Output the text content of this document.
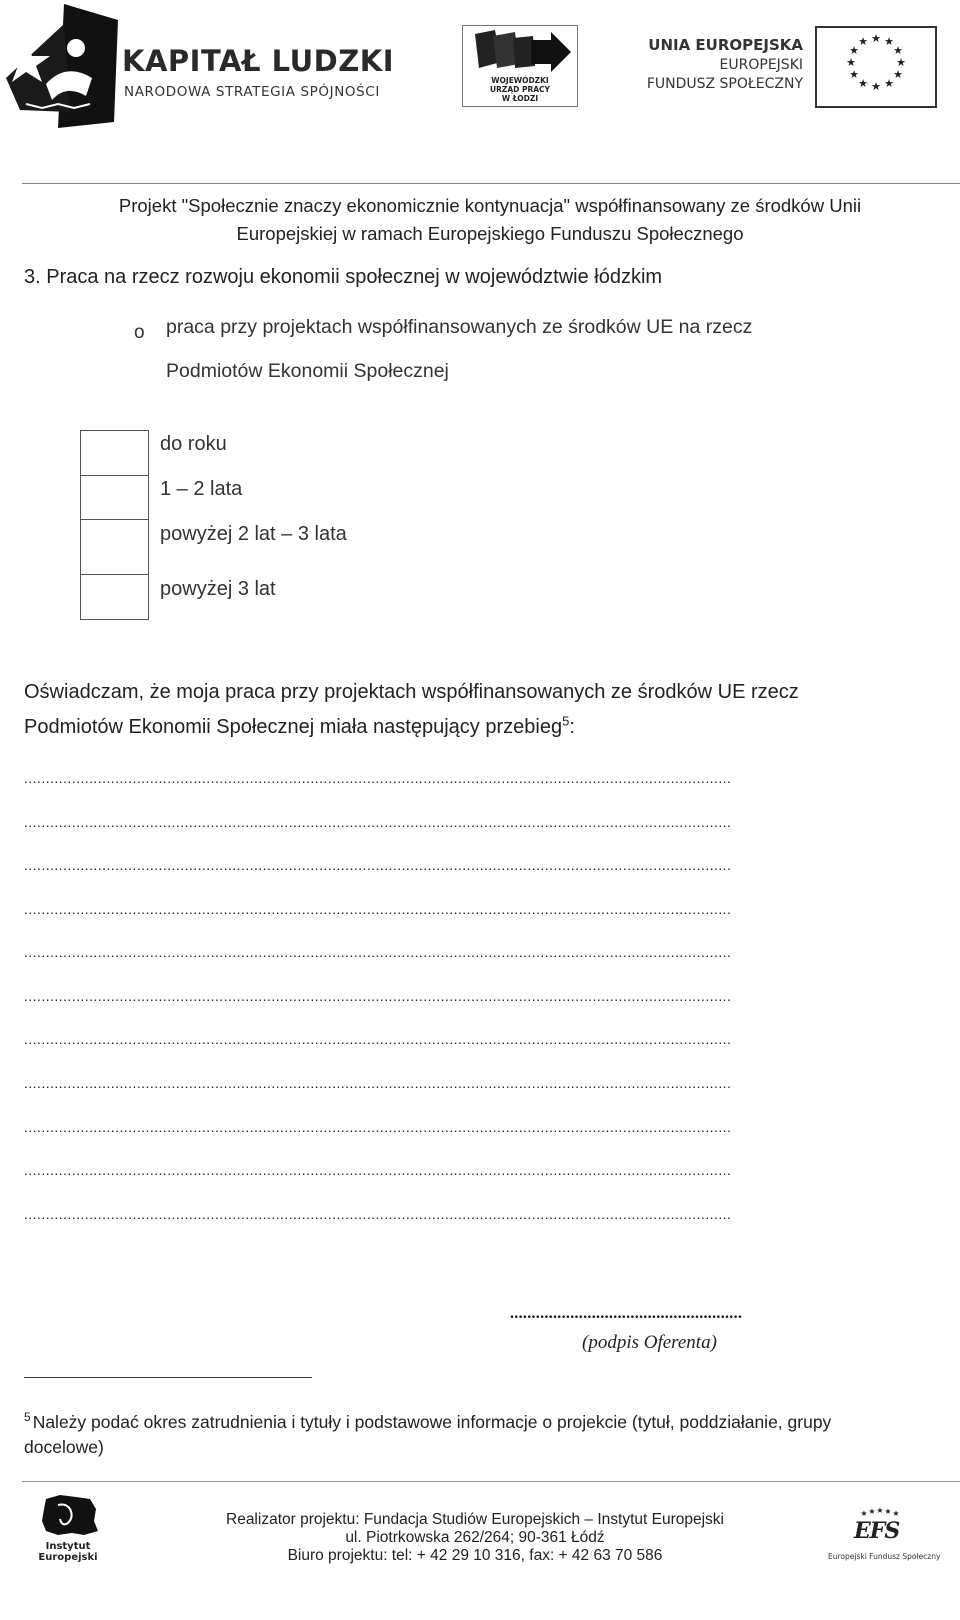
KAPITAŁ LUDZKI
NARODOWA STRATEGIA SPÓJNOŚCI
WOJEWÓDZKI
URZĄD PRACY
W ŁODZI
UNIA EUROPEJSKA
EUROPEJSKI
FUNDUSZ SPOŁECZNY
★ ★
★
★
★
★
★
★
★
★
★
★
Projekt "Społecznie znaczy ekonomicznie kontynuacja" współfinansowany ze środków Unii
Europejskiej w ramach Europejskiego Funduszu Społecznego
3. Praca na rzecz rozwoju ekonomii społecznej w województwie łódzkim
o praca przy projektach współfinansowanych ze środków UE na rzecz
Podmiotów Ekonomii Społecznej
do roku
1 – 2 lata
powyżej 2 lat – 3 lata
powyżej 3 lat
Oświadczam, że moja praca przy projektach współfinansowanych ze środków UE rzecz
Podmiotów Ekonomii Społecznej miała następujący przebieg$^5$:
...................................................................................................................................................................
...................................................................................................................................................................
...................................................................................................................................................................
...................................................................................................................................................................
...................................................................................................................................................................
...................................................................................................................................................................
...................................................................................................................................................................
...................................................................................................................................................................
...................................................................................................................................................................
...................................................................................................................................................................
...................................................................................................................................................................
......................................................
(podpis Oferenta)
$^5$ Należy podać okres zatrudnienia i tytuły i podstawowe informacje o projekcie (tytuł, poddziałanie, grupy
docelowe)
Instytut
Europejski
Realizator projektu: Fundacja Studiów Europejskich – Instytut Europejski
ul. Piotrkowska 262/264; 90-361 Łódź
Biuro projektu: tel: + 42 29 10 316, fax: + 42 63 70 586
★ ★ ★ ★ ★
EFS
Europejski Fundusz Społeczny
